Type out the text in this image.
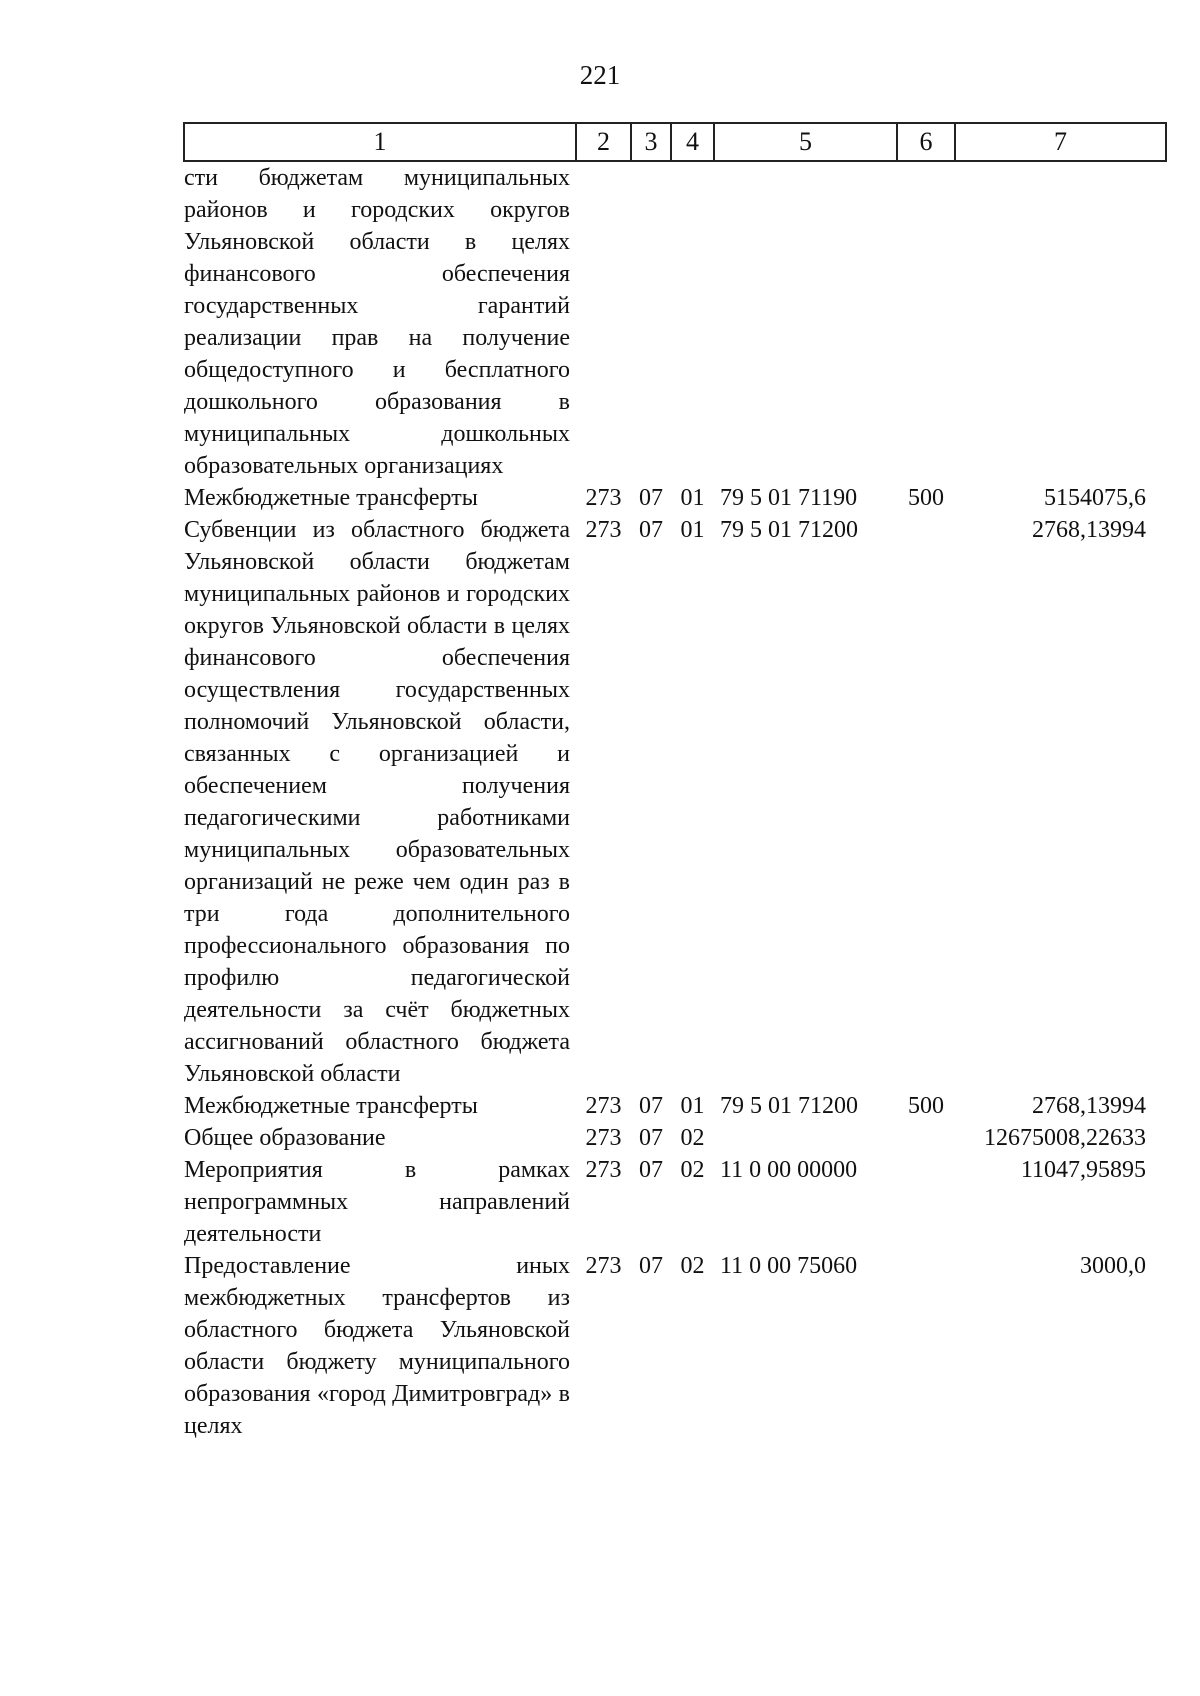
221
1	2	3	4	5	6	7
сти бюджетам муниципальных районов и городских округов Ульяновской области в целях финансового обеспечения государственных гарантий реализации прав на получение общедоступного и бесплатного дошкольного образования в муниципальных дошкольных образовательных организациях						
Межбюджетные трансферты	273	07	01	79 5 01 71190	500	5154075,6
Субвенции из областного бюджета Ульяновской области бюджетам муниципальных районов и городских округов Ульяновской области в целях финансового обеспечения осуществления государственных полномочий Ульяновской области, связанных с организацией и обеспечением получения педагогическими работниками муниципальных образовательных организаций не реже чем один раз в три года дополнительного профессионального образования по профилю педагогической деятельности за счёт бюджетных ассигнований областного бюджета Ульяновской области	273	07	01	79 5 01 71200		2768,13994
Межбюджетные трансферты	273	07	01	79 5 01 71200	500	2768,13994
Общее образование	273	07	02			12675008,22633
Мероприятия в рамках непрограммных направлений деятельности	273	07	02	11 0 00 00000		11047,95895
Предоставление иных межбюджетных трансфертов из областного бюджета Ульяновской области бюджету муниципального образования «город Димитровград» в целях	273	07	02	11 0 00 75060		3000,0
